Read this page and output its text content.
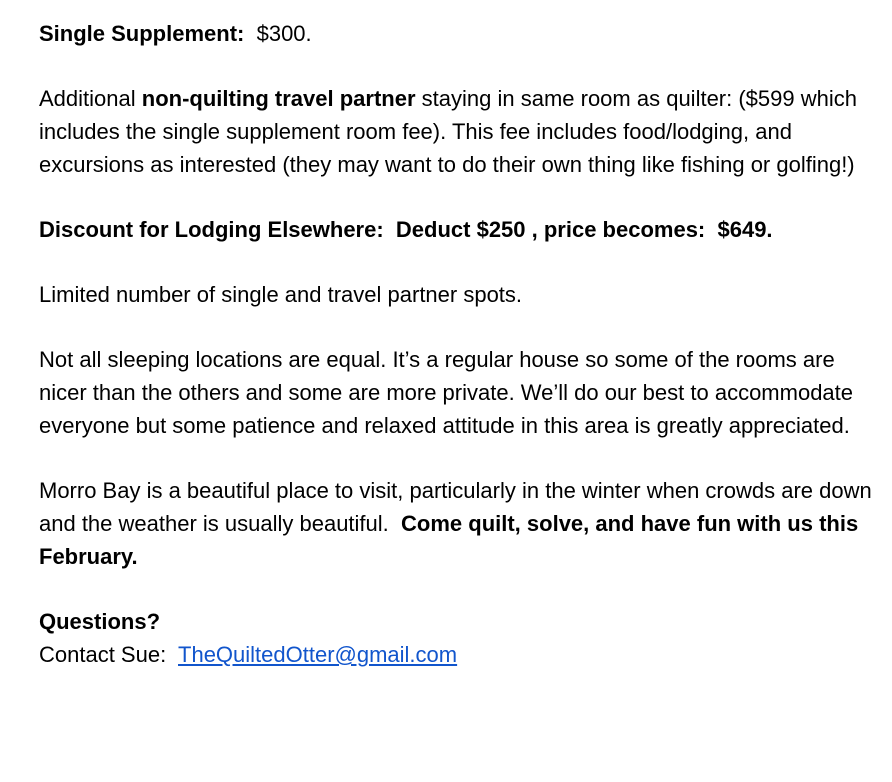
Single Supplement: $300.

Additional non-quilting travel partner staying in same room as quilter: ($599 which includes the single supplement room fee). This fee includes food/lodging, and excursions as interested (they may want to do their own thing like fishing or golfing!)

Discount for Lodging Elsewhere:  Deduct $250 , price becomes:  $649.

Limited number of single and travel partner spots.

Not all sleeping locations are equal. It’s a regular house so some of the rooms are nicer than the others and some are more private. We’ll do our best to accommodate everyone but some patience and relaxed attitude in this area is greatly appreciated.

Morro Bay is a beautiful place to visit, particularly in the winter when crowds are down and the weather is usually beautiful.  Come quilt, solve, and have fun with us this February.

Questions?

Contact Sue:  TheQuiltedOtter@gmail.com
